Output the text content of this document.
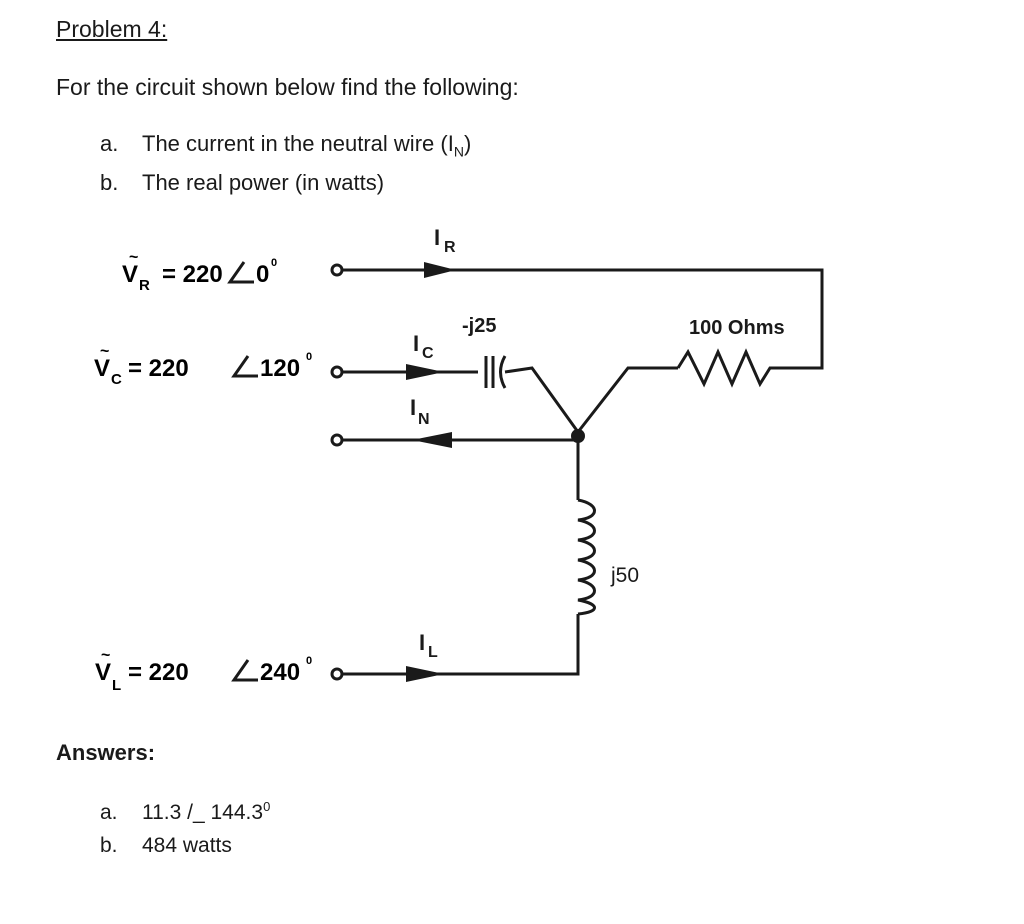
Problem 4:
For the circuit shown below find the following:
a. The current in the neutral wire $(I_N)$
b. The real power (in watts)
V
~
R = 220 0 0
V
~
C = 220	120 0
V
~
L = 220	240 0
I R
I C
I N
I L
-j25	100 Ohms
j50
Answers:
a. 11.3 /_ 144.3$^0$
b. 484 watts
